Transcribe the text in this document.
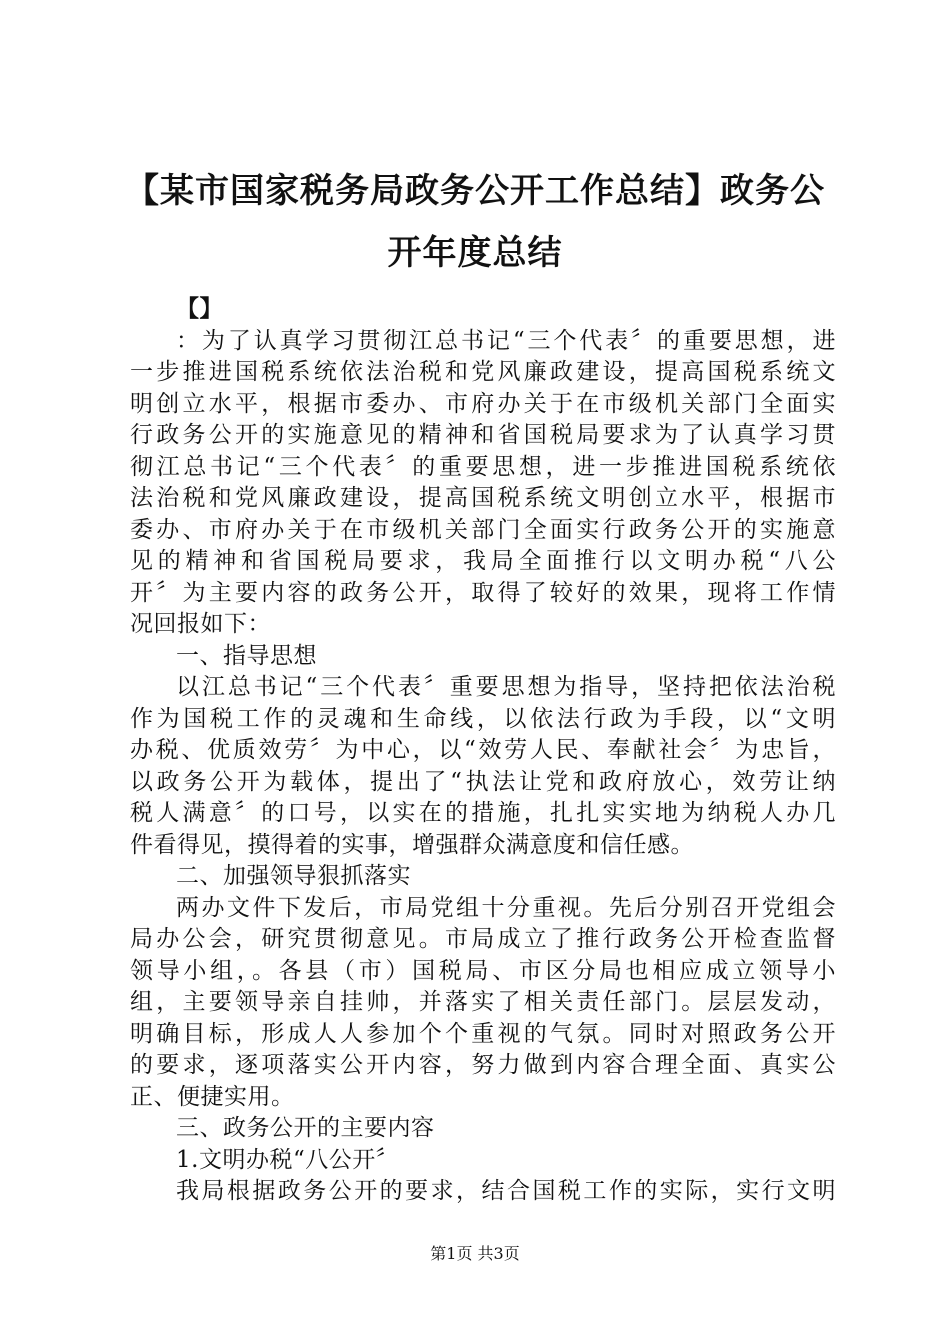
【某市国家税务局政务公开工作总结】政务公开年度总结
【】
：为了认真学习贯彻江总书记“三个代表〞的重要思想，进
一步推进国税系统依法治税和党风廉政建设，提高国税系统文
明创立水平，根据市委办、市府办关于在市级机关部门全面实
行政务公开的实施意见的精神和省国税局要求为了认真学习贯
彻江总书记“三个代表〞的重要思想，进一步推进国税系统依
法治税和党风廉政建设，提高国税系统文明创立水平，根据市
委办、市府办关于在市级机关部门全面实行政务公开的实施意
见的精神和省国税局要求，我局全面推行以文明办税“八公
开〞为主要内容的政务公开，取得了较好的效果，现将工作情
况回报如下：
一、指导思想
以江总书记“三个代表〞重要思想为指导，坚持把依法治税
作为国税工作的灵魂和生命线，以依法行政为手段，以“文明
办税、优质效劳〞为中心，以“效劳人民、奉献社会〞为忠旨，
以政务公开为载体，提出了“执法让党和政府放心，效劳让纳
税人满意〞的口号，以实在的措施，扎扎实实地为纳税人办几
件看得见，摸得着的实事，增强群众满意度和信任感。
二、加强领导狠抓落实
两办文件下发后，市局党组十分重视。先后分别召开党组会
局办公会，研究贯彻意见。市局成立了推行政务公开检查监督
领导小组，。各县（市）国税局、市区分局也相应成立领导小
组，主要领导亲自挂帅，并落实了相关责任部门。层层发动，
明确目标，形成人人参加个个重视的气氛。同时对照政务公开
的要求，逐项落实公开内容，努力做到内容合理全面、真实公
正、便捷实用。
三、政务公开的主要内容
1.文明办税“八公开〞
我局根据政务公开的要求，结合国税工作的实际，实行文明
第1页 共3页
